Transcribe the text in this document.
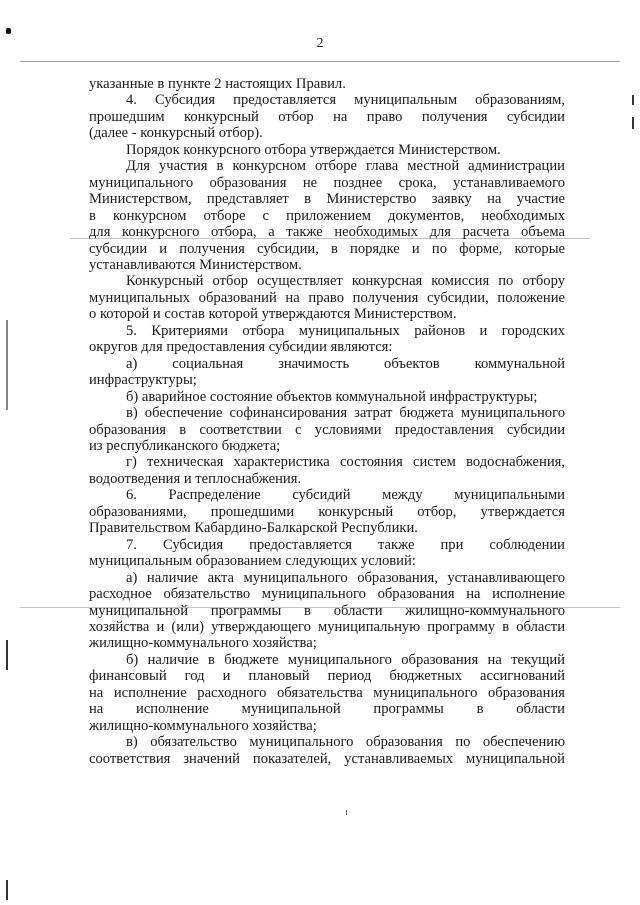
2
указанные в пункте 2 настоящих Правил.
4. Субсидия предоставляется муниципальным образованиям,
прошедшим конкурсный отбор на право получения субсидии
(далее - конкурсный отбор).
Порядок конкурсного отбора утверждается Министерством.
Для участия в конкурсном отборе глава местной администрации
муниципального образования не позднее срока, устанавливаемого
Министерством, представляет в Министерство заявку на участие
в конкурсном отборе с приложением документов, необходимых
для конкурсного отбора, а также необходимых для расчета объема
субсидии и получения субсидии, в порядке и по форме, которые
устанавливаются Министерством.
Конкурсный отбор осуществляет конкурсная комиссия по отбору
муниципальных образований на право получения субсидии, положение
о которой и состав которой утверждаются Министерством.
5. Критериями отбора муниципальных районов и городских
округов для предоставления субсидии являются:
а) социальная значимость объектов коммунальной
инфраструктуры;
б) аварийное состояние объектов коммунальной инфраструктуры;
в) обеспечение софинансирования затрат бюджета муниципального
образования в соответствии с условиями предоставления субсидии
из республиканского бюджета;
г) техническая характеристика состояния систем водоснабжения,
водоотведения и теплоснабжения.
6. Распределение субсидий между муниципальными
образованиями, прошедшими конкурсный отбор, утверждается
Правительством Кабардино-Балкарской Республики.
7. Субсидия предоставляется также при соблюдении
муниципальным образованием следующих условий:
а) наличие акта муниципального образования, устанавливающего
расходное обязательство муниципального образования на исполнение
муниципальной программы в области жилищно-коммунального
хозяйства и (или) утверждающего муниципальную программу в области
жилищно-коммунального хозяйства;
б) наличие в бюджете муниципального образования на текущий
финансовый год и плановый период бюджетных ассигнований
на исполнение расходного обязательства муниципального образования
на исполнение муниципальной программы в области
жилищно-коммунального хозяйства;
в) обязательство муниципального образования по обеспечению
соответствия значений показателей, устанавливаемых муниципальной
